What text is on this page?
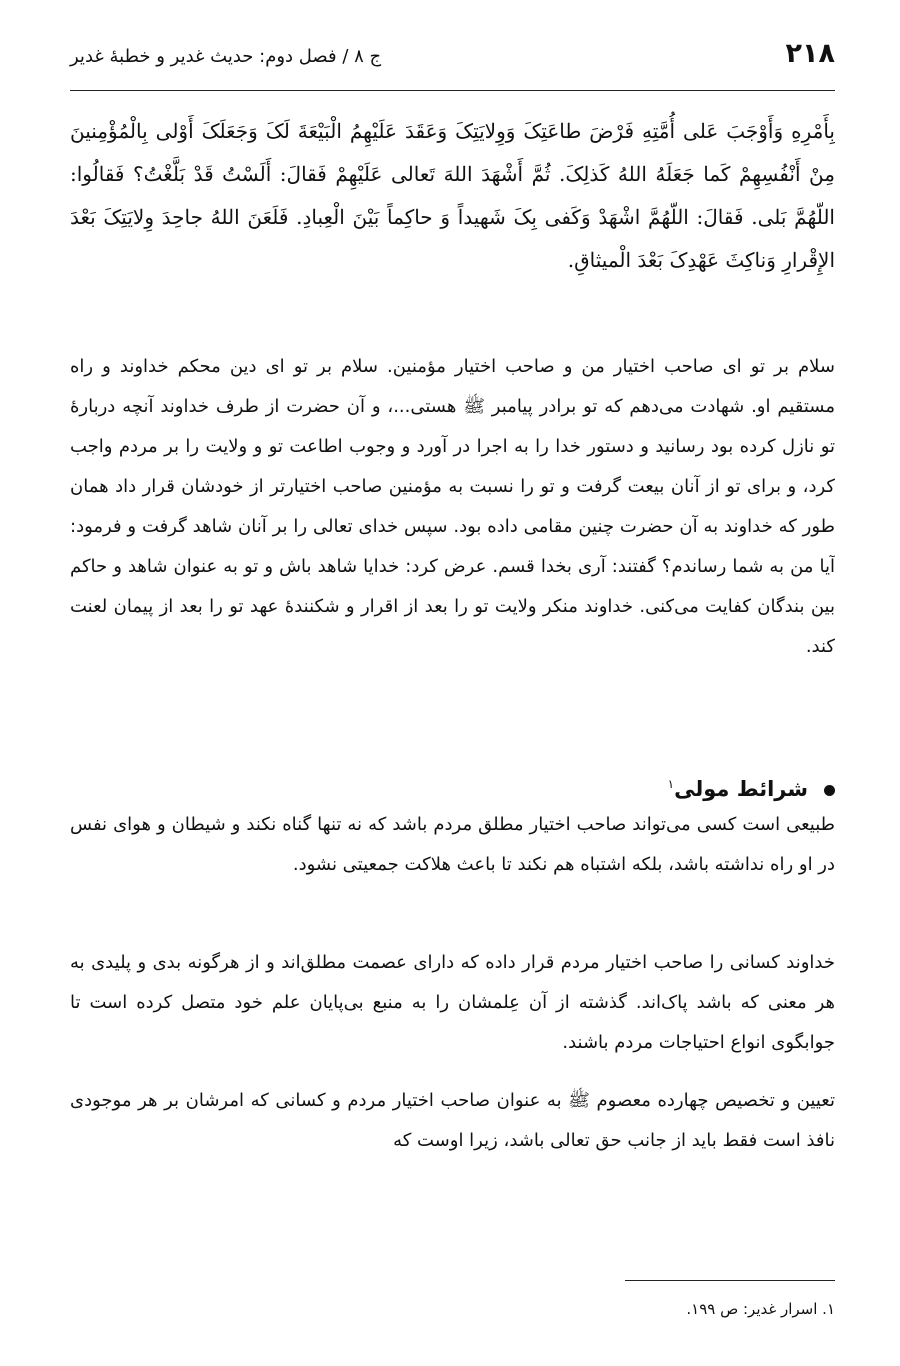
۲۱۸
ج ۸ / فصل دوم: حدیث غدیر و خطبهٔ غدیر

بِأَمْرِهِ وَأَوْجَبَ عَلی أُمَّتِهِ فَرْضَ طاعَتِکَ وَوِلایَتِکَ وَعَقَدَ عَلَیْهِمُ الْبَیْعَةَ لَکَ وَجَعَلَکَ أَوْلی بِالْمُؤْمِنینَ مِنْ أَنْفُسِهِمْ کَما جَعَلَهُ اللهُ کَذلِکَ. ثُمَّ أَشْهَدَ اللهَ تَعالی عَلَیْهِمْ فَقالَ: أَلَسْتُ قَدْ بَلَّغْتُ؟ فَقالُوا: اللّهُمَّ بَلی. فَقالَ: اللّهُمَّ اشْهَدْ وَکَفی بِکَ شَهیداً وَ حاکِماً بَیْنَ الْعِبادِ. فَلَعَنَ اللهُ جاحِدَ وِلایَتِکَ بَعْدَ الإِقْرارِ وَناکِثَ عَهْدِکَ بَعْدَ الْمیثاقِ.

سلام بر تو ای صاحب اختیار من و صاحب اختیار مؤمنین. سلام بر تو ای دین محکم خداوند و راه مستقیم او. شهادت می‌دهم که تو برادر پیامبر ﷺ هستی...، و آن حضرت از طرف خداوند آنچه دربارهٔ تو نازل کرده بود رسانید و دستور خدا را به اجرا در آورد و وجوب اطاعت تو و ولایت را بر مردم واجب کرد، و برای تو از آنان بیعت گرفت و تو را نسبت به مؤمنین صاحب اختیارتر از خودشان قرار داد همان طور که خداوند به آن حضرت چنین مقامی داده بود. سپس خدای تعالی را بر آنان شاهد گرفت و فرمود: آیا من به شما رساندم؟ گفتند: آری بخدا قسم. عرض کرد: خدایا شاهد باش و تو به عنوان شاهد و حاکم بین بندگان کفایت می‌کنی. خداوند منکر ولایت تو را بعد از اقرار و شکنندهٔ عهد تو را بعد از پیمان لعنت کند.

شرائط مولی$^۱$

طبیعی است کسی می‌تواند صاحب اختیار مطلق مردم باشد که نه تنها گناه نکند و شیطان و هوای نفس در او راه نداشته باشد، بلکه اشتباه هم نکند تا باعث هلاکت جمعیتی نشود.

خداوند کسانی را صاحب اختیار مردم قرار داده که دارای عصمت مطلق‌اند و از هرگونه بدی و پلیدی به هر معنی که باشد پاک‌اند. گذشته از آن عِلمشان را به منبع بی‌پایان علم خود متصل کرده است تا جوابگوی انواع احتیاجات مردم باشند.

تعیین و تخصیص چهارده معصوم ﷺ به عنوان صاحب اختیار مردم و کسانی که امرشان بر هر موجودی نافذ است فقط باید از جانب حق تعالی باشد، زیرا اوست که

۱. اسرار غدیر: ص ۱۹۹.
